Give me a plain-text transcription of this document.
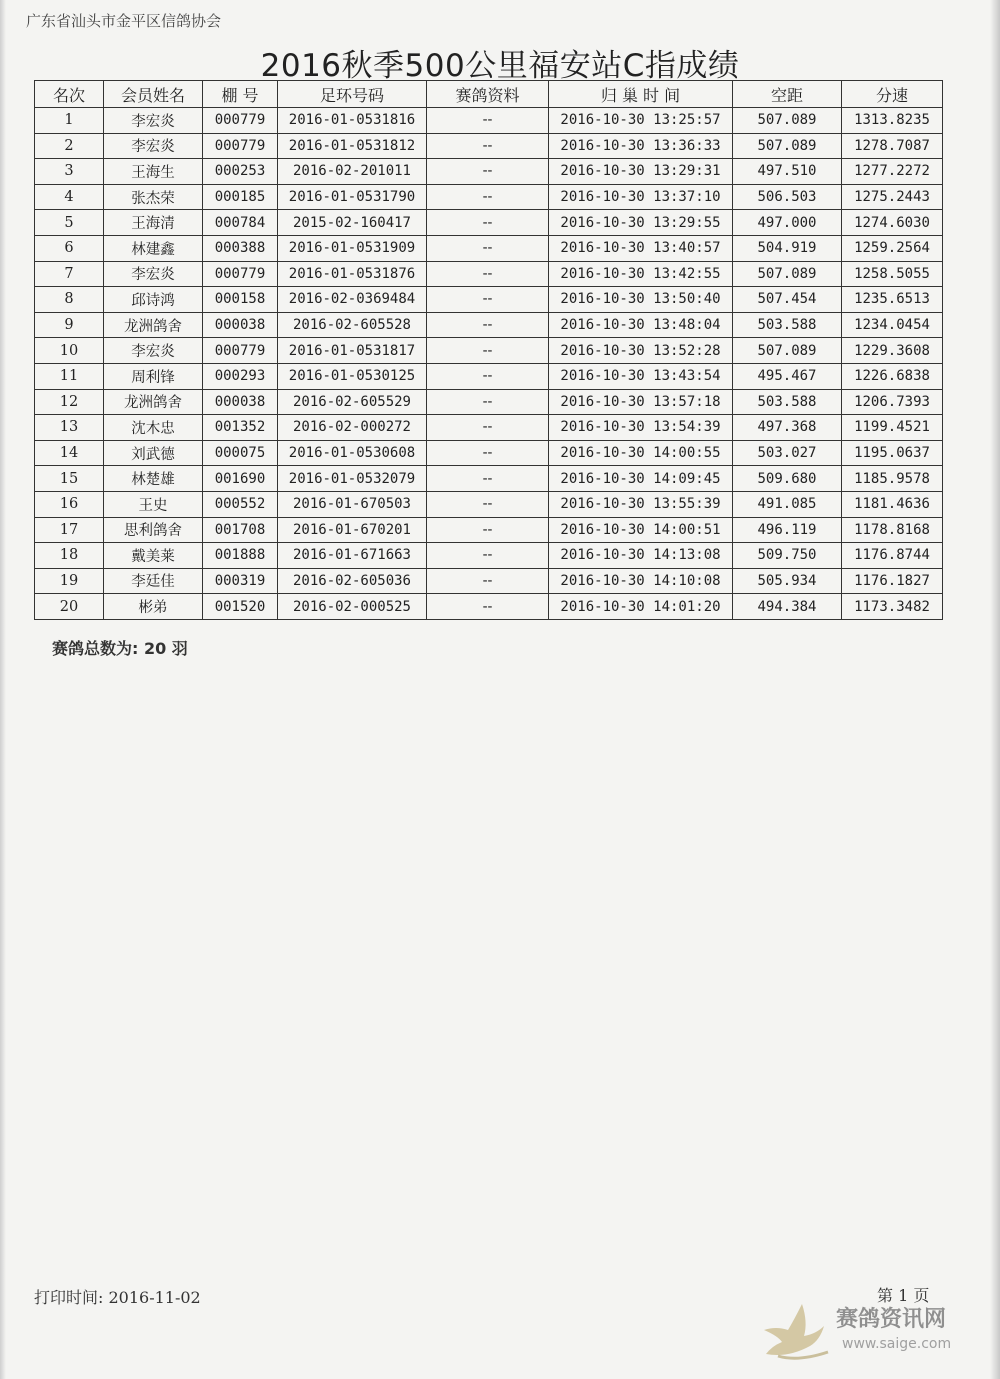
广东省汕头市金平区信鸽协会
2016秋季500公里福安站C指成绩
名次	会员姓名	棚 号	足环号码	赛鸽资料	归 巢 时 间	空距	分速
1	李宏炎	000779	2016-01-0531816	--	2016-10-30 13:25:57	507.089	1313.8235
2	李宏炎	000779	2016-01-0531812	--	2016-10-30 13:36:33	507.089	1278.7087
3	王海生	000253	2016-02-201011	--	2016-10-30 13:29:31	497.510	1277.2272
4	张杰荣	000185	2016-01-0531790	--	2016-10-30 13:37:10	506.503	1275.2443
5	王海清	000784	2015-02-160417	--	2016-10-30 13:29:55	497.000	1274.6030
6	林建鑫	000388	2016-01-0531909	--	2016-10-30 13:40:57	504.919	1259.2564
7	李宏炎	000779	2016-01-0531876	--	2016-10-30 13:42:55	507.089	1258.5055
8	邱诗鸿	000158	2016-02-0369484	--	2016-10-30 13:50:40	507.454	1235.6513
9	龙洲鸽舍	000038	2016-02-605528	--	2016-10-30 13:48:04	503.588	1234.0454
10	李宏炎	000779	2016-01-0531817	--	2016-10-30 13:52:28	507.089	1229.3608
11	周利锋	000293	2016-01-0530125	--	2016-10-30 13:43:54	495.467	1226.6838
12	龙洲鸽舍	000038	2016-02-605529	--	2016-10-30 13:57:18	503.588	1206.7393
13	沈木忠	001352	2016-02-000272	--	2016-10-30 13:54:39	497.368	1199.4521
14	刘武德	000075	2016-01-0530608	--	2016-10-30 14:00:55	503.027	1195.0637
15	林楚雄	001690	2016-01-0532079	--	2016-10-30 14:09:45	509.680	1185.9578
16	王史	000552	2016-01-670503	--	2016-10-30 13:55:39	491.085	1181.4636
17	思利鸽舍	001708	2016-01-670201	--	2016-10-30 14:00:51	496.119	1178.8168
18	戴美莱	001888	2016-01-671663	--	2016-10-30 14:13:08	509.750	1176.8744
19	李廷佳	000319	2016-02-605036	--	2016-10-30 14:10:08	505.934	1176.1827
20	彬弟	001520	2016-02-000525	--	2016-10-30 14:01:20	494.384	1173.3482
赛鸽总数为: 20 羽
打印时间: 2016-11-02	第 1 页
赛鸽资讯网
www.saige.com
